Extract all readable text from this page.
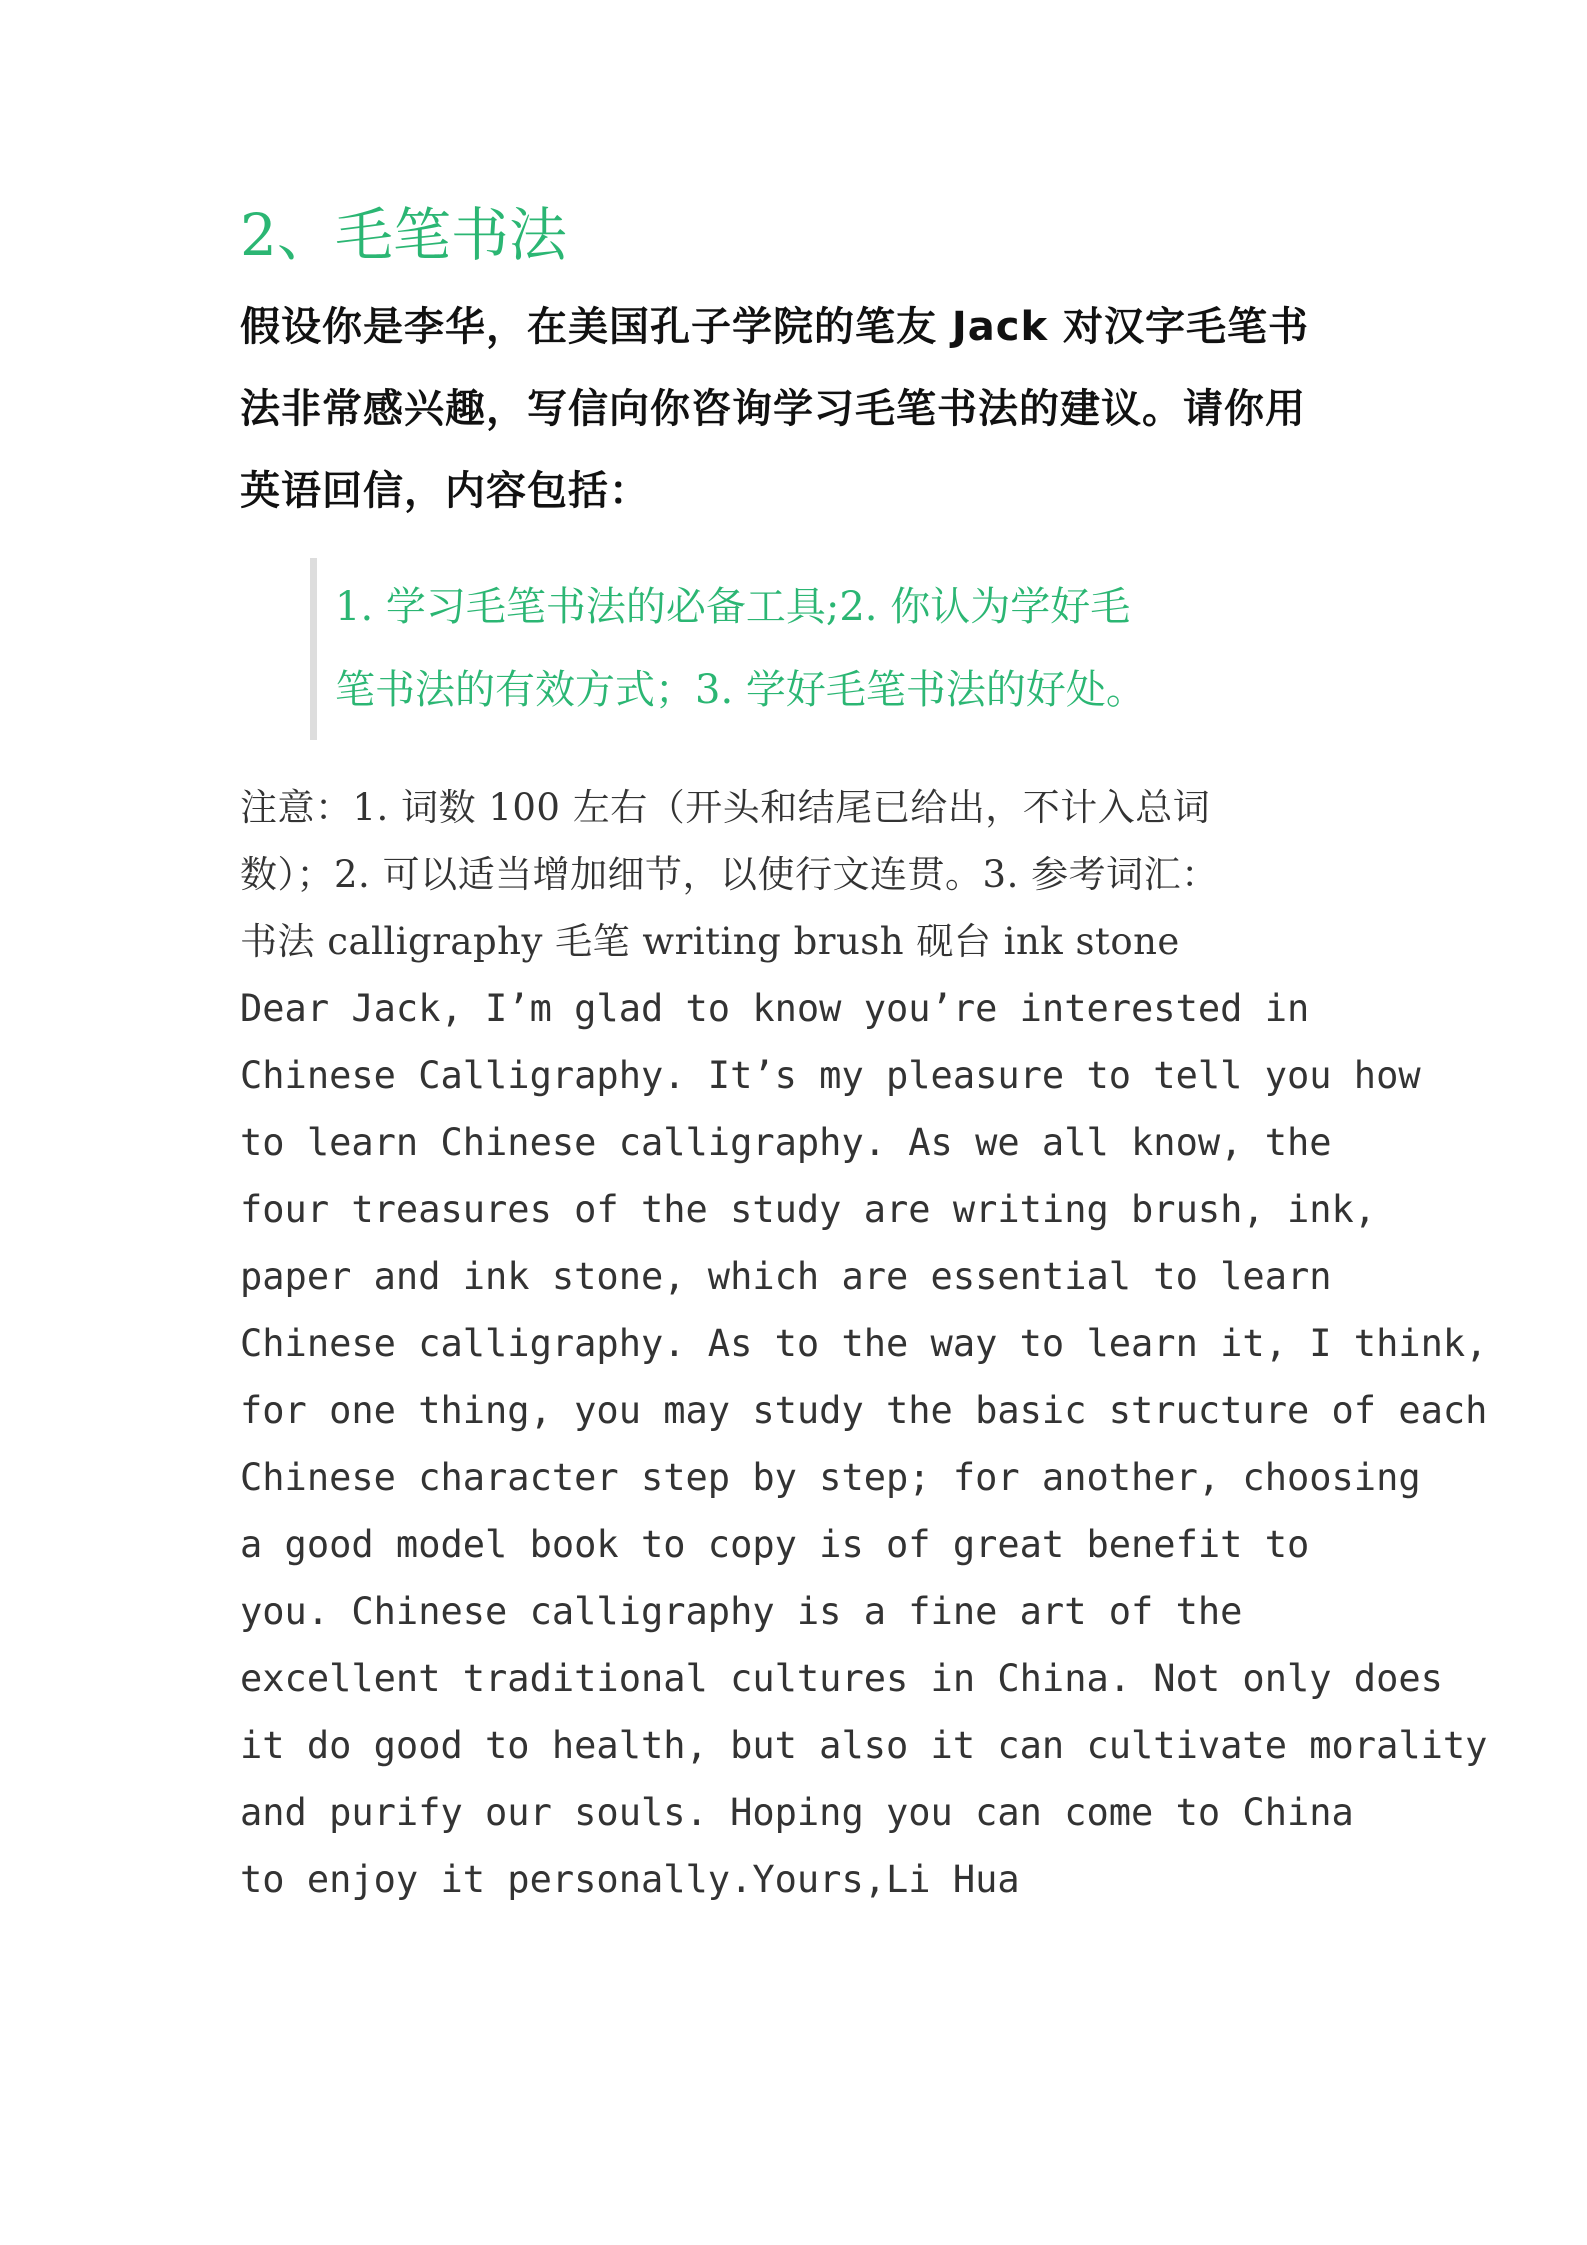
2、毛笔书法
假设你是李华，在美国孔子学院的笔友 Jack 对汉字毛笔书
法非常感兴趣，写信向你咨询学习毛笔书法的建议。请你用
英语回信，内容包括：
1. 学习毛笔书法的必备工具;2. 你认为学好毛
笔书法的有效方式；3. 学好毛笔书法的好处。
注意：1. 词数 100 左右（开头和结尾已给出，不计入总词
数）；2. 可以适当增加细节，以使行文连贯。3. 参考词汇：
书法 calligraphy 毛笔 writing brush 砚台 ink stone
Dear Jack, I’m glad to know you’re interested in
Chinese Calligraphy. It’s my pleasure to tell you how
to learn Chinese calligraphy. As we all know, the
four treasures of the study are writing brush, ink,
paper and ink stone, which are essential to learn
Chinese calligraphy. As to the way to learn it, I think,
for one thing, you may study the basic structure of each
Chinese character step by step; for another, choosing
a good model book to copy is of great benefit to
you. Chinese calligraphy is a fine art of the
excellent traditional cultures in China. Not only does
it do good to health, but also it can cultivate morality
and purify our souls. Hoping you can come to China
to enjoy it personally.Yours,Li Hua
